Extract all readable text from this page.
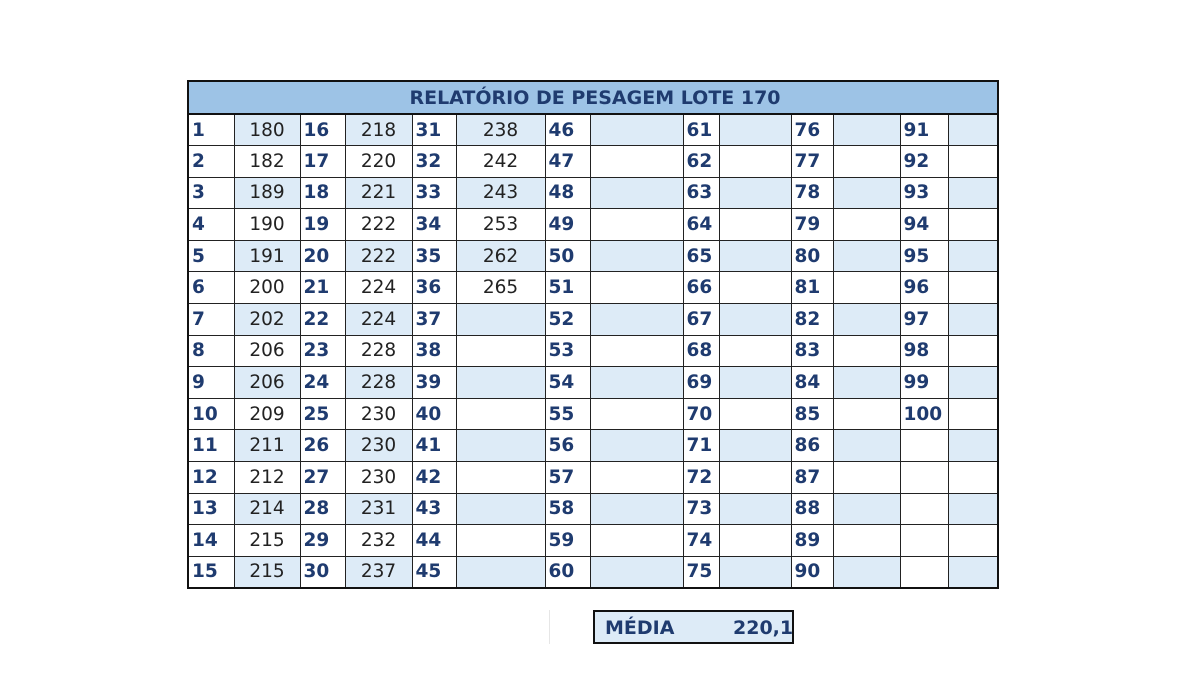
RELATÓRIO DE PESAGEM LOTE 170													
1	180	16	218	31	238	46		61		76		91	
2	182	17	220	32	242	47		62		77		92	
3	189	18	221	33	243	48		63		78		93	
4	190	19	222	34	253	49		64		79		94	
5	191	20	222	35	262	50		65		80		95	
6	200	21	224	36	265	51		66		81		96	
7	202	22	224	37		52		67		82		97	
8	206	23	228	38		53		68		83		98	
9	206	24	228	39		54		69		84		99	
10	209	25	230	40		55		70		85		100	
11	211	26	230	41		56		71		86			
12	212	27	230	42		57		72		87			
13	214	28	231	43		58		73		88			
14	215	29	232	44		59		74		89			
15	215	30	237	45		60		75		90			
MÉDIA	220,1
